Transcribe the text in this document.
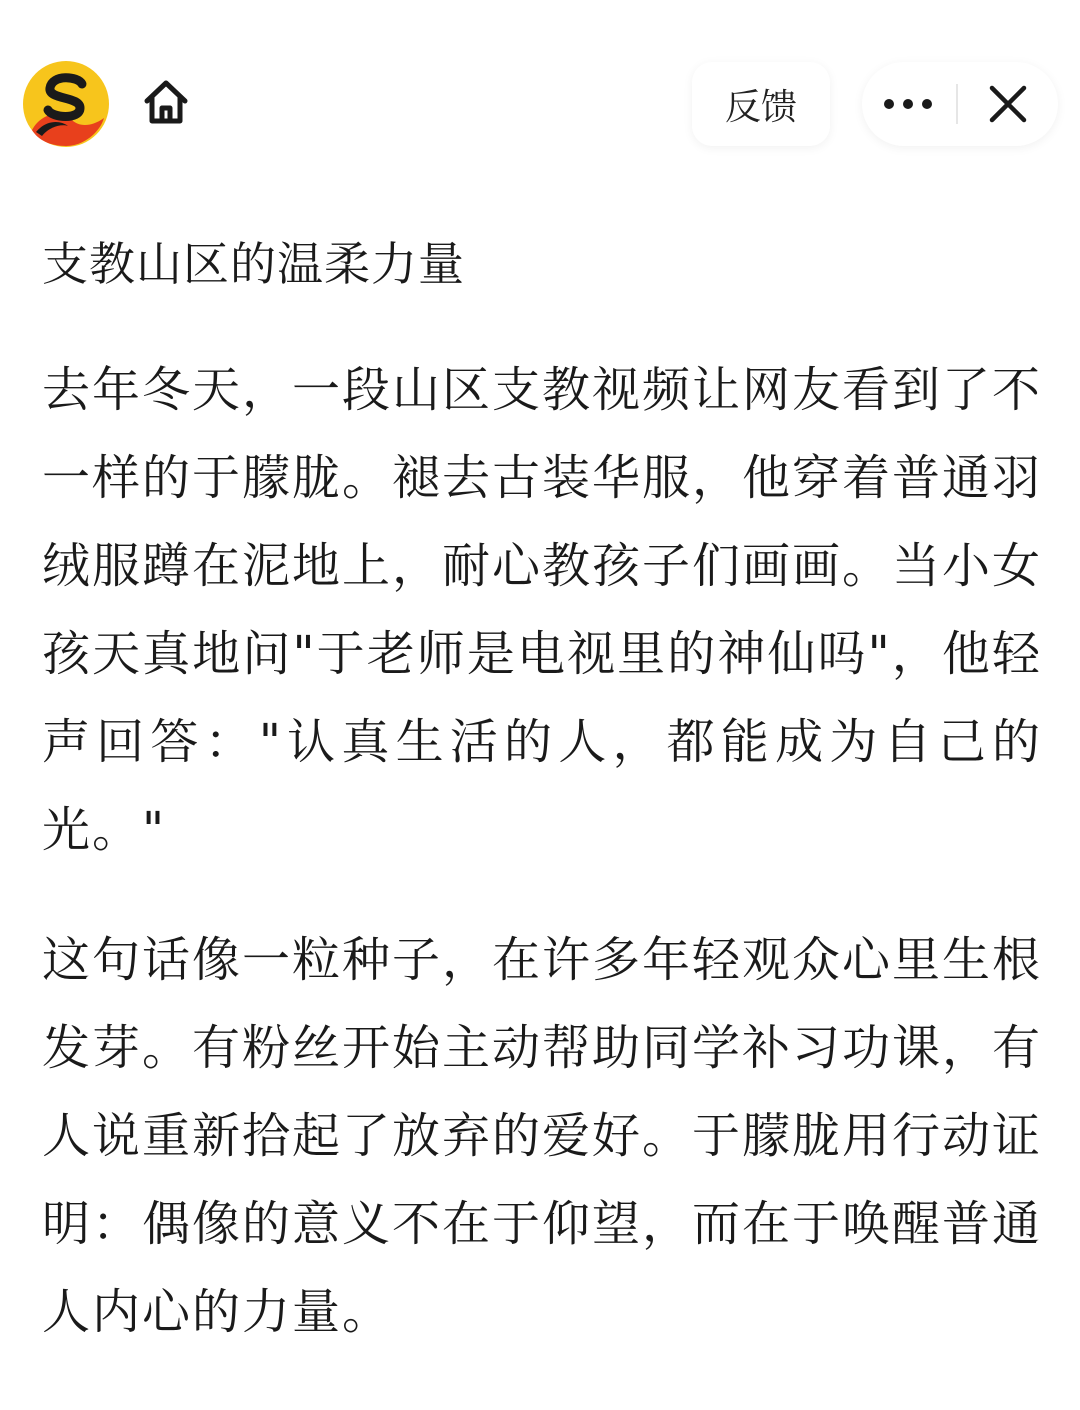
反馈
支教山区的温柔力量

去年冬天，一段山区支教视频让网友看到了不一样的于朦胧。褪去古装华服，他穿着普通羽绒服蹲在泥地上，耐心教孩子们画画。当小女孩天真地问"于老师是电视里的神仙吗"，他轻声回答："认真生活的人，都能成为自己的光。"

这句话像一粒种子，在许多年轻观众心里生根发芽。有粉丝开始主动帮助同学补习功课，有人说重新拾起了放弃的爱好。于朦胧用行动证明：偶像的意义不在于仰望，而在于唤醒普通人内心的力量。
